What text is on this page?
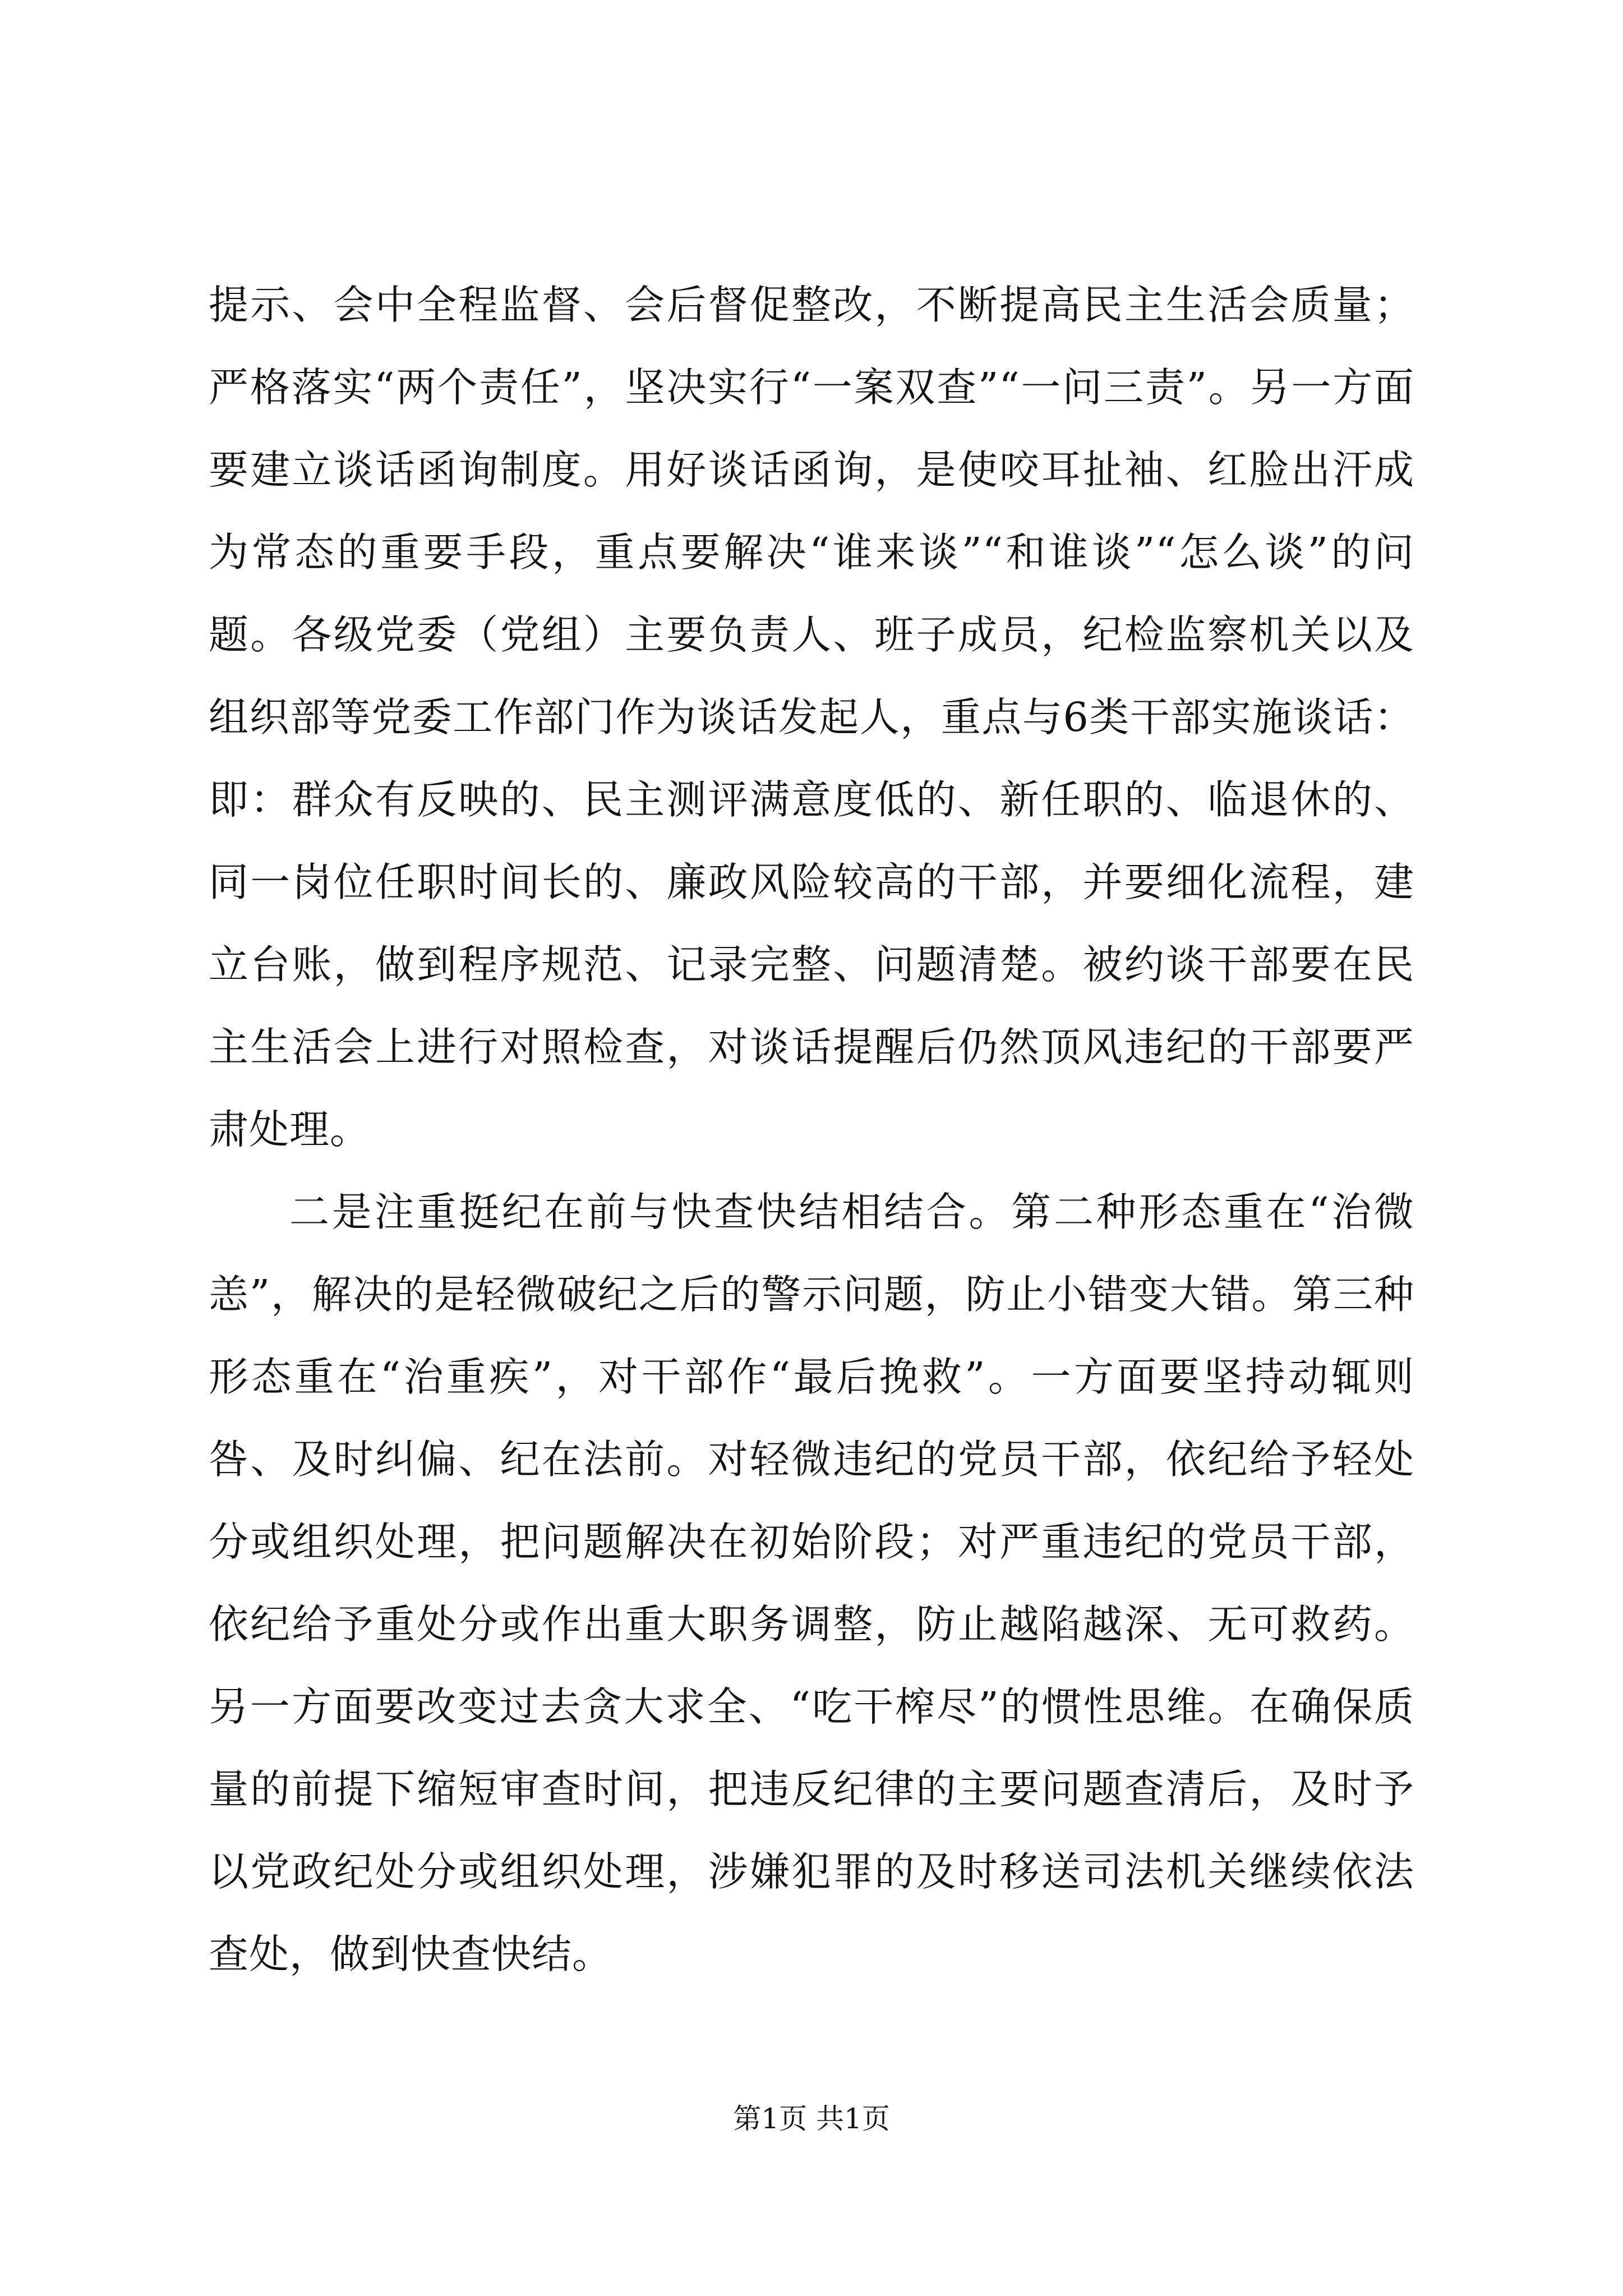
提示、会中全程监督、会后督促整改，不断提高民主生活会质量；严格落实“两个责任”，坚决实行“一案双查”“一问三责”。另一方面要建立谈话函询制度。用好谈话函询，是使咬耳扯袖、红脸出汗成为常态的重要手段，重点要解决“谁来谈”“和谁谈”“怎么谈”的问题。各级党委（党组）主要负责人、班子成员，纪检监察机关以及组织部等党委工作部门作为谈话发起人，重点与6类干部实施谈话：即：群众有反映的、民主测评满意度低的、新任职的、临退休的、同一岗位任职时间长的、廉政风险较高的干部，并要细化流程，建立台账，做到程序规范、记录完整、问题清楚。被约谈干部要在民主生活会上进行对照检查，对谈话提醒后仍然顶风违纪的干部要严肃处理。

二是注重挺纪在前与快查快结相结合。第二种形态重在“治微恙”，解决的是轻微破纪之后的警示问题，防止小错变大错。第三种形态重在“治重疾”，对干部作“最后挽救”。一方面要坚持动辄则咎、及时纠偏、纪在法前。对轻微违纪的党员干部，依纪给予轻处分或组织处理，把问题解决在初始阶段；对严重违纪的党员干部，依纪给予重处分或作出重大职务调整，防止越陷越深、无可救药。另一方面要改变过去贪大求全、“吃干榨尽”的惯性思维。在确保质量的前提下缩短审查时间，把违反纪律的主要问题查清后，及时予以党政纪处分或组织处理，涉嫌犯罪的及时移送司法机关继续依法查处，做到快查快结。

第1页 共1页
